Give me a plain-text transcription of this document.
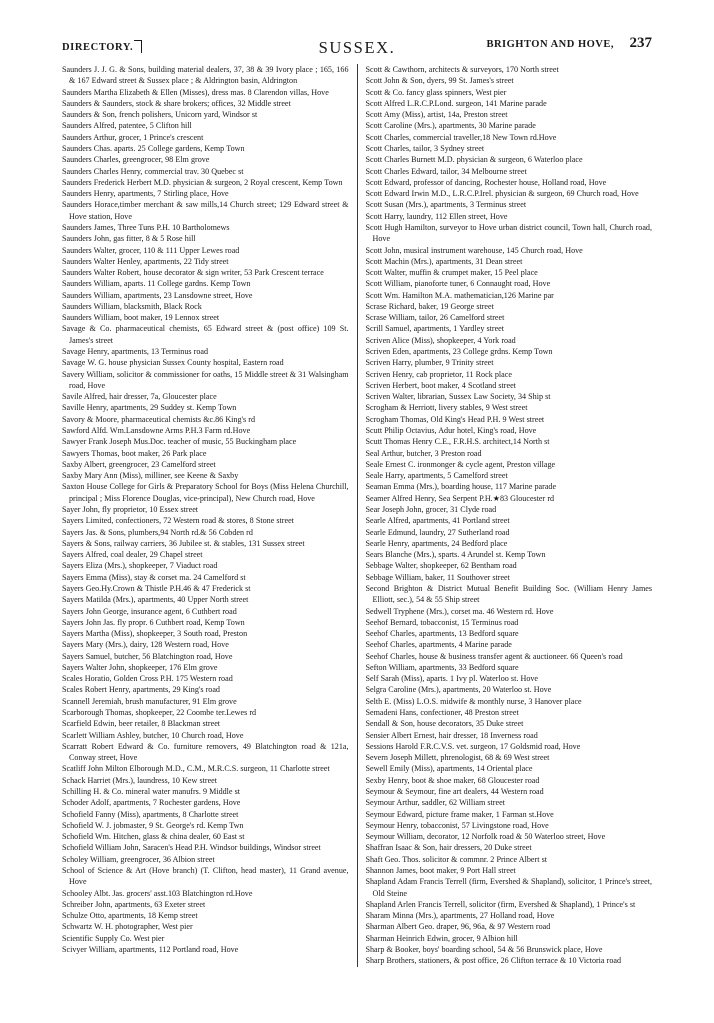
DIRECTORY.	SUSSEX.	BRIGHTON AND HOVE, 237

Saunders J. J. G. & Sons, building material dealers, 37, 38 & 39 Ivory place ; 165, 166 & 167 Edward street & Sussex place ; & Aldrington basin, Aldrington

Saunders Martha Elizabeth & Ellen (Misses), dress mas. 8 Clarendon villas, Hove

Saunders & Saunders, stock & share brokers; offices, 32 Middle street

Saunders & Son, french polishers, Unicorn yard, Windsor st

Saunders Alfred, patentee, 5 Clifton hill

Saunders Arthur, grocer, 1 Prince's crescent

Saunders Chas. aparts. 25 College gardens, Kemp Town

Saunders Charles, greengrocer, 98 Elm grove

Saunders Charles Henry, commercial trav. 30 Quebec st

Saunders Frederick Herbert M.D. physician & surgeon, 2 Royal crescent, Kemp Town

Saunders Henry, apartments, 7 Stirling place, Hove

Saunders Horace,timber merchant & saw mills,14 Church street; 129 Edward street & Hove station, Hove

Saunders James, Three Tuns P.H. 10 Bartholomews

Saunders John, gas fitter, 8 & 5 Rose hill

Saunders Walter, grocer, 110 & 111 Upper Lewes road

Saunders Walter Henley, apartments, 22 Tidy street

Saunders Walter Robert, house decorator & sign writer, 53 Park Crescent terrace

Saunders William, aparts. 11 College gardns. Kemp Town

Saunders William, apartments, 23 Lansdowne street, Hove

Saunders William, blacksmith, Black Rock

Saunders William, boot maker, 19 Lennox street

Savage & Co. pharmaceutical chemists, 65 Edward street & (post office) 109 St. James's street

Savage Henry, apartments, 13 Terminus road

Savage W. G. house physician Sussex County hospital, Eastern road

Savery William, solicitor & commissioner for oaths, 15 Middle street & 31 Walsingham road, Hove

Savile Alfred, hair dresser, 7a, Gloucester place

Saville Henry, apartments, 29 Suddey st. Kemp Town

Savory & Moore, pharmaceutical chemists &c.86 King's rd

Sawford Alfd. Wm.Lansdowne Arms P.H.3 Farm rd.Hove

Sawyer Frank Joseph Mus.Doc. teacher of music, 55 Buckingham place

Sawyers Thomas, boot maker, 26 Park place

Saxby Albert, greengrocer, 23 Camelford street

Saxby Mary Ann (Miss), milliner, see Keene & Saxby

Saxton House College for Girls & Preparatory School for Boys (Miss Helena Churchill, principal ; Miss Florence Douglas, vice-principal), New Church road, Hove

Sayer John, fly proprietor, 10 Essex street

Sayers Limited, confectioners, 72 Western road & stores, 8 Stone street

Sayers Jas. & Sons, plumbers,94 North rd.& 56 Cobden rd

Sayers & Sons, railway carriers, 36 Jubilee st. & stables, 131 Sussex street

Sayers Alfred, coal dealer, 29 Chapel street

Sayers Eliza (Mrs.), shopkeeper, 7 Viaduct road

Sayers Emma (Miss), stay & corset ma. 24 Camelford st

Sayers Geo.Hy.Crown & Thistle P.H.46 & 47 Frederick st

Sayers Matilda (Mrs.), apartments, 40 Upper North street

Sayers John George, insurance agent, 6 Cuthbert road

Sayers John Jas. fly propr. 6 Cuthbert road, Kemp Town

Sayers Martha (Miss), shopkeeper, 3 South road, Preston

Sayers Mary (Mrs.), dairy, 128 Western road, Hove

Sayers Samuel, butcher, 56 Blatchington road, Hove

Sayers Walter John, shopkeeper, 176 Elm grove

Scales Horatio, Golden Cross P.H. 175 Western road

Scales Robert Henry, apartments, 29 King's road

Scannell Jeremiah, brush manufacturer, 91 Elm grove

Scarborough Thomas, shopkeeper, 22 Coombe ter.Lewes rd

Scarfield Edwin, beer retailer, 8 Blackman street

Scarlett William Ashley, butcher, 10 Church road, Hove

Scarratt Robert Edward & Co. furniture removers, 49 Blatchington road & 121a, Conway street, Hove

Scatliff John Milton Elborough M.D., C.M., M.R.C.S. surgeon, 11 Charlotte street

Schack Harriet (Mrs.), laundress, 10 Kew street

Schilling H. & Co. mineral water manufrs. 9 Middle st

Schoder Adolf, apartments, 7 Rochester gardens, Hove

Schofield Fanny (Miss), apartments, 8 Charlotte street

Schofield W. J. jobmaster, 9 St. George's rd. Kemp Twn

Schofield Wm. Hitchen, glass & china dealer, 60 East st

Schofield William John, Saracen's Head P.H. Windsor buildings, Windsor street

Scholey William, greengrocer, 36 Albion street

School of Science & Art (Hove branch) (T. Clifton, head master), 11 Grand avenue, Hove

Schooley Albt. Jas. grocers' asst.103 Blatchington rd.Hove

Schreiber John, apartments, 63 Exeter street

Schulze Otto, apartments, 18 Kemp street

Schwartz W. H. photographer, West pier

Scientific Supply Co. West pier

Scivyer William, apartments, 112 Portland road, Hove

Scott & Cawthorn, architects & surveyors, 170 North street

Scott John & Son, dyers, 99 St. James's street

Scott & Co. fancy glass spinners, West pier

Scott Alfred L.R.C.P.Lond. surgeon, 141 Marine parade

Scott Amy (Miss), artist, 14a, Preston street

Scott Caroline (Mrs.), apartments, 30 Marine parade

Scott Charles, commercial traveller,18 New Town rd.Hove

Scott Charles, tailor, 3 Sydney street

Scott Charles Burnett M.D. physician & surgeon, 6 Waterloo place

Scott Charles Edward, tailor, 34 Melbourne street

Scott Edward, professor of dancing, Rochester house, Holland road, Hove

Scott Edward Irwin M.D., L.R.C.P.Irel. physician & surgeon, 69 Church road, Hove

Scott Susan (Mrs.), apartments, 3 Terminus street

Scott Harry, laundry, 112 Ellen street, Hove

Scott Hugh Hamilton, surveyor to Hove urban district council, Town hall, Church road, Hove

Scott John, musical instrument warehouse, 145 Church road, Hove

Scott Machin (Mrs.), apartments, 31 Dean street

Scott Walter, muffin & crumpet maker, 15 Peel place

Scott William, pianoforte tuner, 6 Connaught road, Hove

Scott Wm. Hamilton M.A. mathematician,126 Marine par

Scrase Richard, baker, 19 George street

Scrase William, tailor, 26 Camelford street

Scrill Samuel, apartments, 1 Yardley street

Scriven Alice (Miss), shopkeeper, 4 York road

Scriven Eden, apartments, 23 College grdns. Kemp Town

Scriven Harry, plumber, 9 Trinity street

Scriven Henry, cab proprietor, 11 Rock place

Scriven Herbert, boot maker, 4 Scotland street

Scriven Walter, librarian, Sussex Law Society, 34 Ship st

Scrogham & Herriott, livery stables, 9 West street

Scrogham Thomas, Old King's Head P.H. 9 West street

Scutt Philip Octavius, Adur hotel, King's road, Hove

Scutt Thomas Henry C.E., F.R.H.S. architect,14 North st

Seal Arthur, butcher, 3 Preston road

Seale Ernest C. ironmonger & cycle agent, Preston village

Seale Harry, apartments, 5 Camelford street

Seaman Emma (Mrs.), boarding house, 117 Marine parade

Seamer Alfred Henry, Sea Serpent P.H.★83 Gloucester rd

Sear Joseph John, grocer, 31 Clyde road

Searle Alfred, apartments, 41 Portland street

Searle Edmund, laundry, 27 Sutherland road

Searle Henry, apartments, 24 Bedford place

Sears Blanche (Mrs.), sparts. 4 Arundel st. Kemp Town

Sebbage Walter, shopkeeper, 62 Bentham road

Sebbage William, baker, 11 Southover street

Second Brighton & District Mutual Benefit Building Soc. (William Henry James Elliott, sec.), 54 & 55 Ship street

Sedwell Tryphene (Mrs.), corset ma. 46 Western rd. Hove

Seehof Bernard, tobacconist, 15 Terminus road

Seehof Charles, apartments, 13 Bedford square

Seehof Charles, apartments, 4 Marine parade

Seehof Charles, house & business transfer agent & auctioneer. 66 Queen's road

Sefton William, apartments, 33 Bedford square

Self Sarah (Miss), aparts. 1 Ivy pl. Waterloo st. Hove

Selgra Caroline (Mrs.), apartments, 20 Waterloo st. Hove

Selth E. (Miss) L.O.S. midwife & monthly nurse, 3 Hanover place

Semadeni Hans, confectioner, 48 Preston street

Sendall & Son, house decorators, 35 Duke street

Sensier Albert Ernest, hair dresser, 18 Inverness road

Sessions Harold F.R.C.V.S. vet. surgeon, 17 Goldsmid road, Hove

Severn Joseph Millett, phrenologist, 68 & 69 West street

Sewell Emily (Miss), apartments, 14 Oriental place

Sexby Henry, boot & shoe maker, 68 Gloucester road

Seymour & Seymour, fine art dealers, 44 Western road

Seymour Arthur, saddler, 62 William street

Seymour Edward, picture frame maker, 1 Farman st.Hove

Seymour Henry, tobacconist, 57 Livingstone road, Hove

Seymour William, decorator, 12 Norfolk road & 50 Waterloo street, Hove

Shaffran Isaac & Son, hair dressers, 20 Duke street

Shaft Geo. Thos. solicitor & commnr. 2 Prince Albert st

Shannon James, boot maker, 9 Port Hall street

Shapland Adam Francis Terrell (firm, Evershed & Shapland), solicitor, 1 Prince's street, Old Steine

Shapland Arlen Francis Terrell, solicitor (firm, Evershed & Shapland), 1 Prince's st

Sharam Minna (Mrs.), apartments, 27 Holland road, Hove

Sharman Albert Geo. draper, 96, 96a, & 97 Western road

Sharman Heinrich Edwin, grocer, 9 Albion hill

Sharp & Booker, boys' boarding school, 54 & 56 Brunswick place, Hove

Sharp Brothers, stationers, & post office, 26 Clifton terrace & 10 Victoria road
